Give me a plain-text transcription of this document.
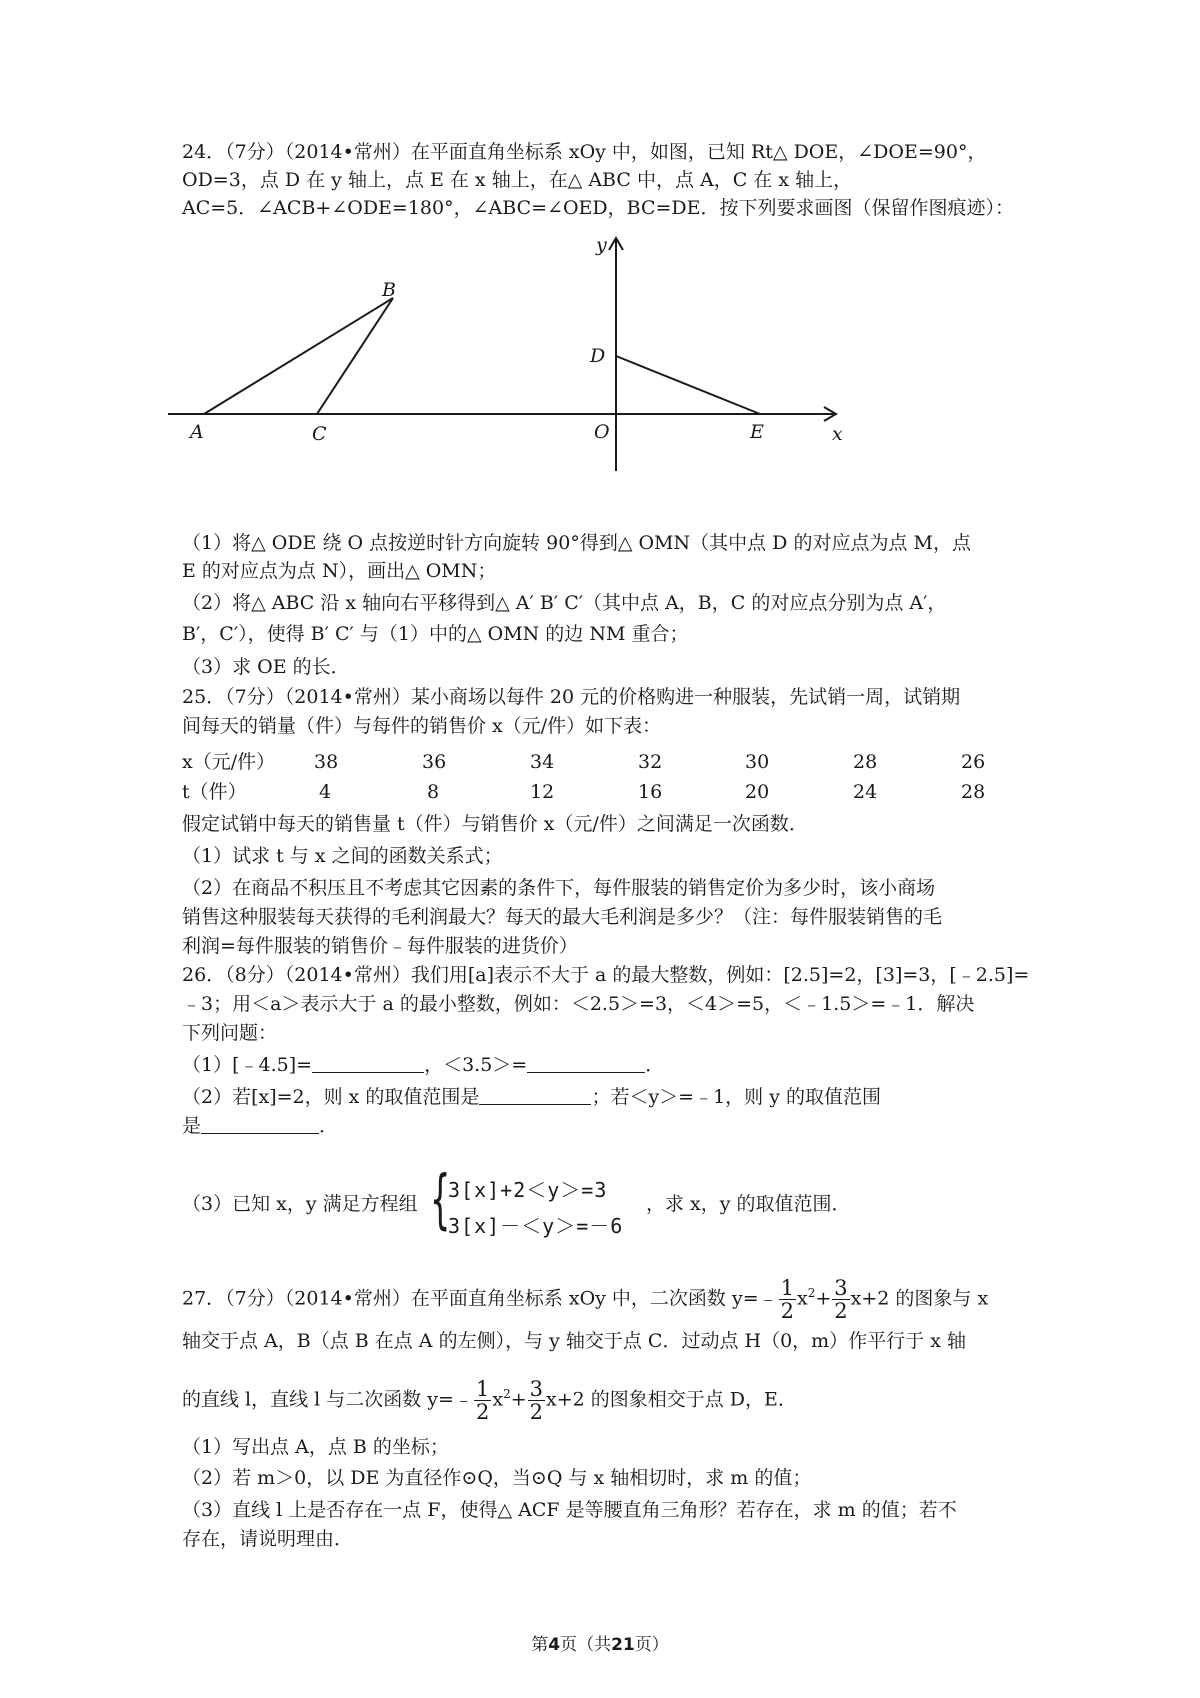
24．（7分）（2014•常州）在平面直角坐标系 xOy 中，如图，已知 Rt△ DOE，∠DOE=90°，
OD=3，点 D 在 y 轴上，点 E 在 x 轴上，在△ ABC 中，点 A，C 在 x 轴上，
AC=5．∠ACB+∠ODE=180°，∠ABC=∠OED，BC=DE．按下列要求画图（保留作图痕迹）：
B
A	C
y
D
O	E	x
（1）将△ ODE 绕 O 点按逆时针方向旋转 90°得到△ OMN（其中点 D 的对应点为点 M，点
E 的对应点为点 N），画出△ OMN；
（2）将△ ABC 沿 x 轴向右平移得到△ A′ B′ C′（其中点 A，B，C 的对应点分别为点 A′，
B′，C′），使得 B′ C′ 与（1）中的△ OMN 的边 NM 重合；
（3）求 OE 的长．
25．（7分）（2014•常州）某小商场以每件 20 元的价格购进一种服装，先试销一周，试销期
间每天的销量（件）与每件的销售价 x（元/件）如下表：
x（元/件） 38	36	34	32	30	28	26
t（件）	4	8	12	16	20	24	28
假定试销中每天的销售量 t（件）与销售价 x（元/件）之间满足一次函数．
（1）试求 t 与 x 之间的函数关系式；
（2）在商品不积压且不考虑其它因素的条件下，每件服装的销售定价为多少时，该小商场
销售这种服装每天获得的毛利润最大？每天的最大毛利润是多少？（注：每件服装销售的毛
利润=每件服装的销售价﹣每件服装的进货价）
26．（8分）（2014•常州）我们用[a]表示不大于 a 的最大整数，例如：[2.5]=2，[3]=3，[﹣2.5]=
﹣3；用＜a＞表示大于 a 的最小整数，例如：＜2.5＞=3，＜4＞=5，＜﹣1.5＞=﹣1．解决
下列问题：
（1）[﹣4.5]=	，＜3.5＞=	．
（2）若[x]=2，则 x 的取值范围是	；若＜y＞=﹣1，则 y 的取值范围
是	．
（3）已知 x，y 满足方程组 {
3[x]+2＜y＞=3
3[x]－＜y＞=－6
，求 x，y 的取值范围．
27．（7分）（2014•常州）在平面直角坐标系 xOy 中，二次函数 y=﹣ $\frac{1}{2} x^2+ \frac{3}{2} x+2$ 的图象与 x
轴交于点 A，B（点 B 在点 A 的左侧），与 y 轴交于点 C．过动点 H（0，m）作平行于 x 轴
的直线 l，直线 l 与二次函数 y=﹣ $\frac{1}{2} x^2+ \frac{3}{2} x+2$ 的图象相交于点 D，E．
（1）写出点 A，点 B 的坐标；
（2）若 m＞0，以 DE 为直径作⊙Q，当⊙Q 与 x 轴相切时，求 m 的值；
（3）直线 l 上是否存在一点 F，使得△ ACF 是等腰直角三角形？若存在，求 m 的值；若不
存在，请说明理由．
第4页（共21页）
